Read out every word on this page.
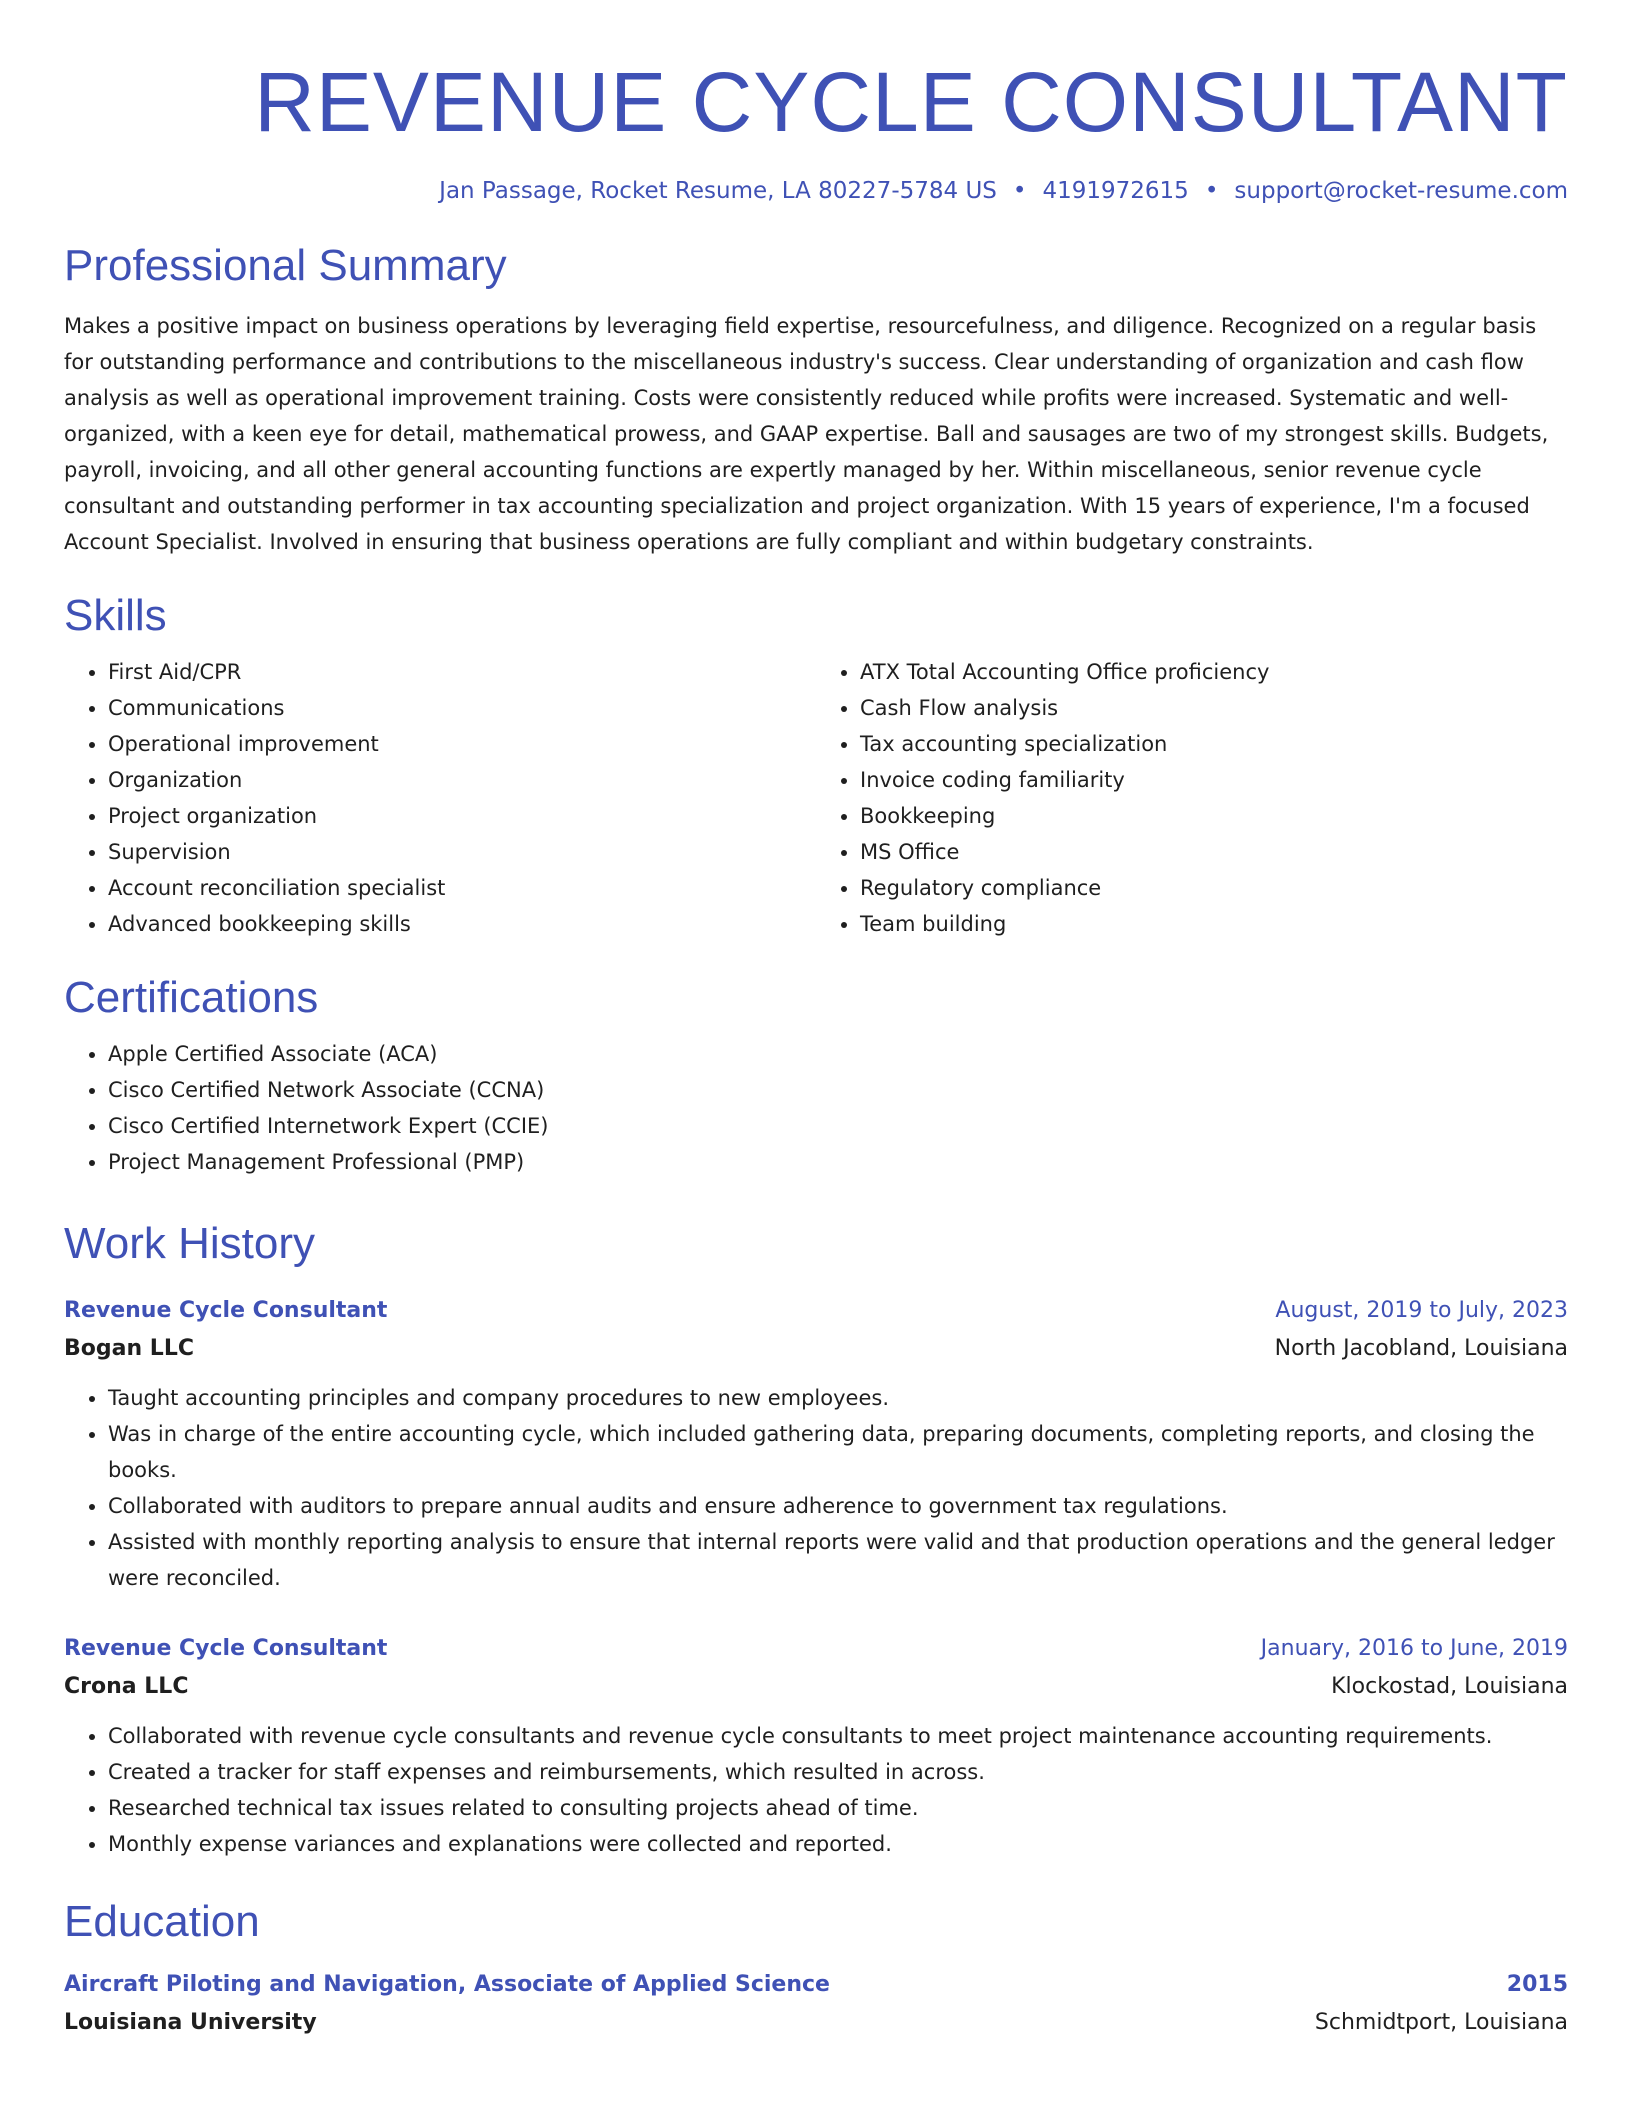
REVENUE CYCLE CONSULTANT
Jan Passage, Rocket Resume, LA 80227-5784 US • 4191972615 • support@rocket-resume.com
Professional Summary

Makes a positive impact on business operations by leveraging field expertise, resourcefulness, and diligence. Recognized on a regular basis for outstanding performance and contributions to the miscellaneous industry's success. Clear understanding of organization and cash flow analysis as well as operational improvement training. Costs were consistently reduced while profits were increased. Systematic and well-organized, with a keen eye for detail, mathematical prowess, and GAAP expertise. Ball and sausages are two of my strongest skills. Budgets, payroll, invoicing, and all other general accounting functions are expertly managed by her. Within miscellaneous, senior revenue cycle consultant and outstanding performer in tax accounting specialization and project organization. With 15 years of experience, I'm a focused Account Specialist. Involved in ensuring that business operations are fully compliant and within budgetary constraints.

Skills
• First Aid/CPR
• Communications
• Operational improvement
• Organization
• Project organization
• Supervision
• Account reconciliation specialist
• Advanced bookkeeping skills
• ATX Total Accounting Office proficiency
• Cash Flow analysis
• Tax accounting specialization
• Invoice coding familiarity
• Bookkeeping
• MS Office
• Regulatory compliance
• Team building
Certifications
• Apple Certified Associate (ACA)
• Cisco Certified Network Associate (CCNA)
• Cisco Certified Internetwork Expert (CCIE)
• Project Management Professional (PMP)
Work History
Revenue Cycle Consultant	August, 2019 to July, 2023
Bogan LLC	North Jacobland, Louisiana
• Taught accounting principles and company procedures to new employees.
• Was in charge of the entire accounting cycle, which included gathering data, preparing documents, completing reports, and closing the books.
• Collaborated with auditors to prepare annual audits and ensure adherence to government tax regulations.
• Assisted with monthly reporting analysis to ensure that internal reports were valid and that production operations and the general ledger were reconciled.
Revenue Cycle Consultant	January, 2016 to June, 2019
Crona LLC	Klockostad, Louisiana
• Collaborated with revenue cycle consultants and revenue cycle consultants to meet project maintenance accounting requirements.
• Created a tracker for staff expenses and reimbursements, which resulted in across.
• Researched technical tax issues related to consulting projects ahead of time.
• Monthly expense variances and explanations were collected and reported.
Education
Aircraft Piloting and Navigation, Associate of Applied Science	2015
Louisiana University	Schmidtport, Louisiana
